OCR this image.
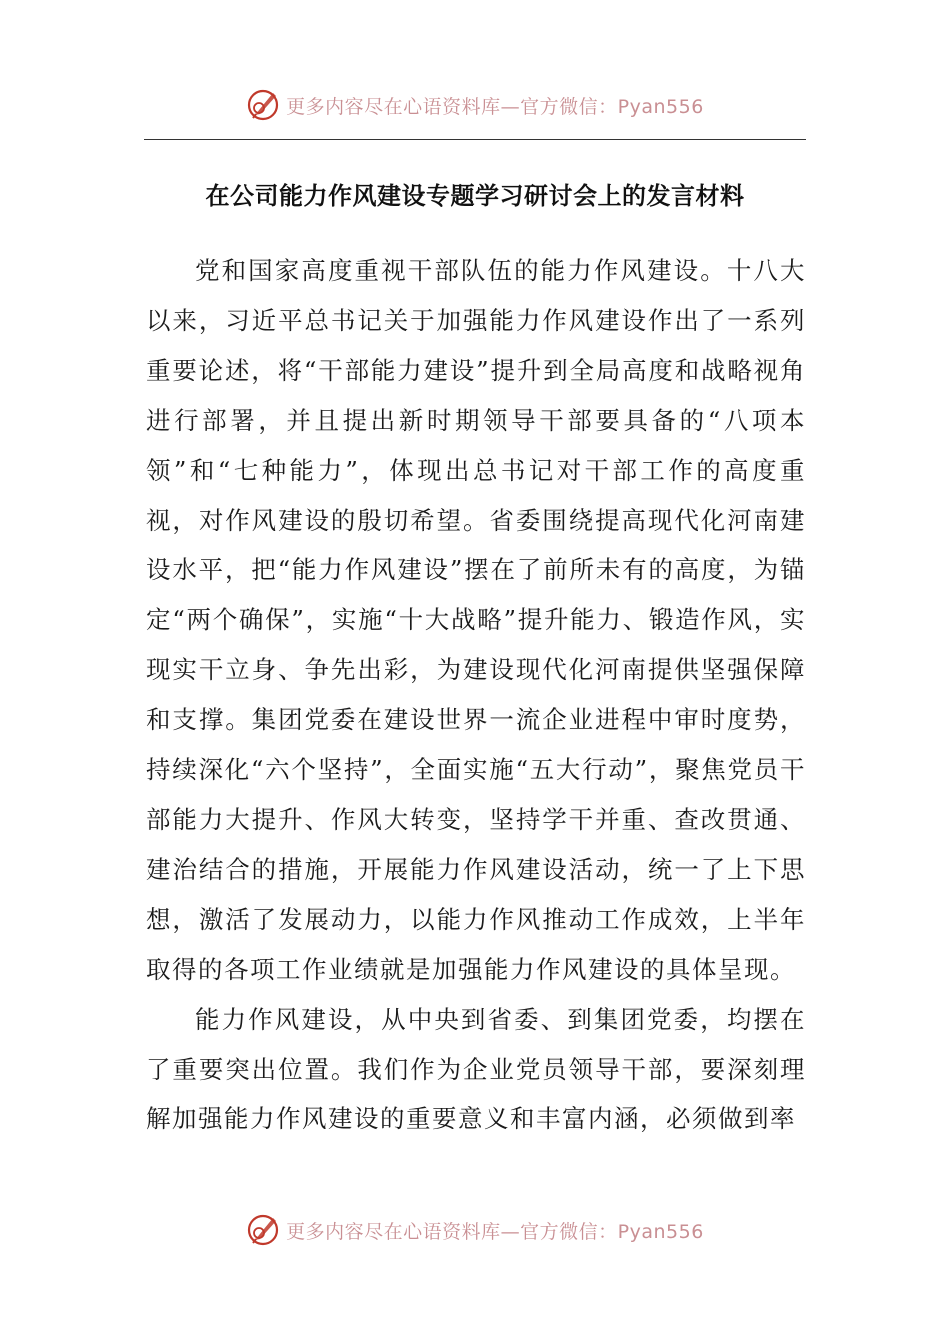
更多内容尽在心语资料库—官方微信：Pyan556
在公司能力作风建设专题学习研讨会上的发言材料

党和国家高度重视干部队伍的能力作风建设。十八大以来，习近平总书记关于加强能力作风建设作出了一系列重要论述，将“干部能力建设”提升到全局高度和战略视角进行部署，并且提出新时期领导干部要具备的“八项本领”和“七种能力”，体现出总书记对干部工作的高度重视，对作风建设的殷切希望。省委围绕提高现代化河南建设水平，把“能力作风建设”摆在了前所未有的高度，为锚定“两个确保”，实施“十大战略”提升能力、锻造作风，实现实干立身、争先出彩，为建设现代化河南提供坚强保障和支撑。集团党委在建设世界一流企业进程中审时度势，持续深化“六个坚持”，全面实施“五大行动”，聚焦党员干部能力大提升、作风大转变，坚持学干并重、查改贯通、建治结合的措施，开展能力作风建设活动，统一了上下思想，激活了发展动力，以能力作风推动工作成效，上半年取得的各项工作业绩就是加强能力作风建设的具体呈现。

能力作风建设，从中央到省委、到集团党委，均摆在了重要突出位置。我们作为企业党员领导干部，要深刻理解加强能力作风建设的重要意义和丰富内涵，必须做到率

更多内容尽在心语资料库—官方微信：Pyan556
